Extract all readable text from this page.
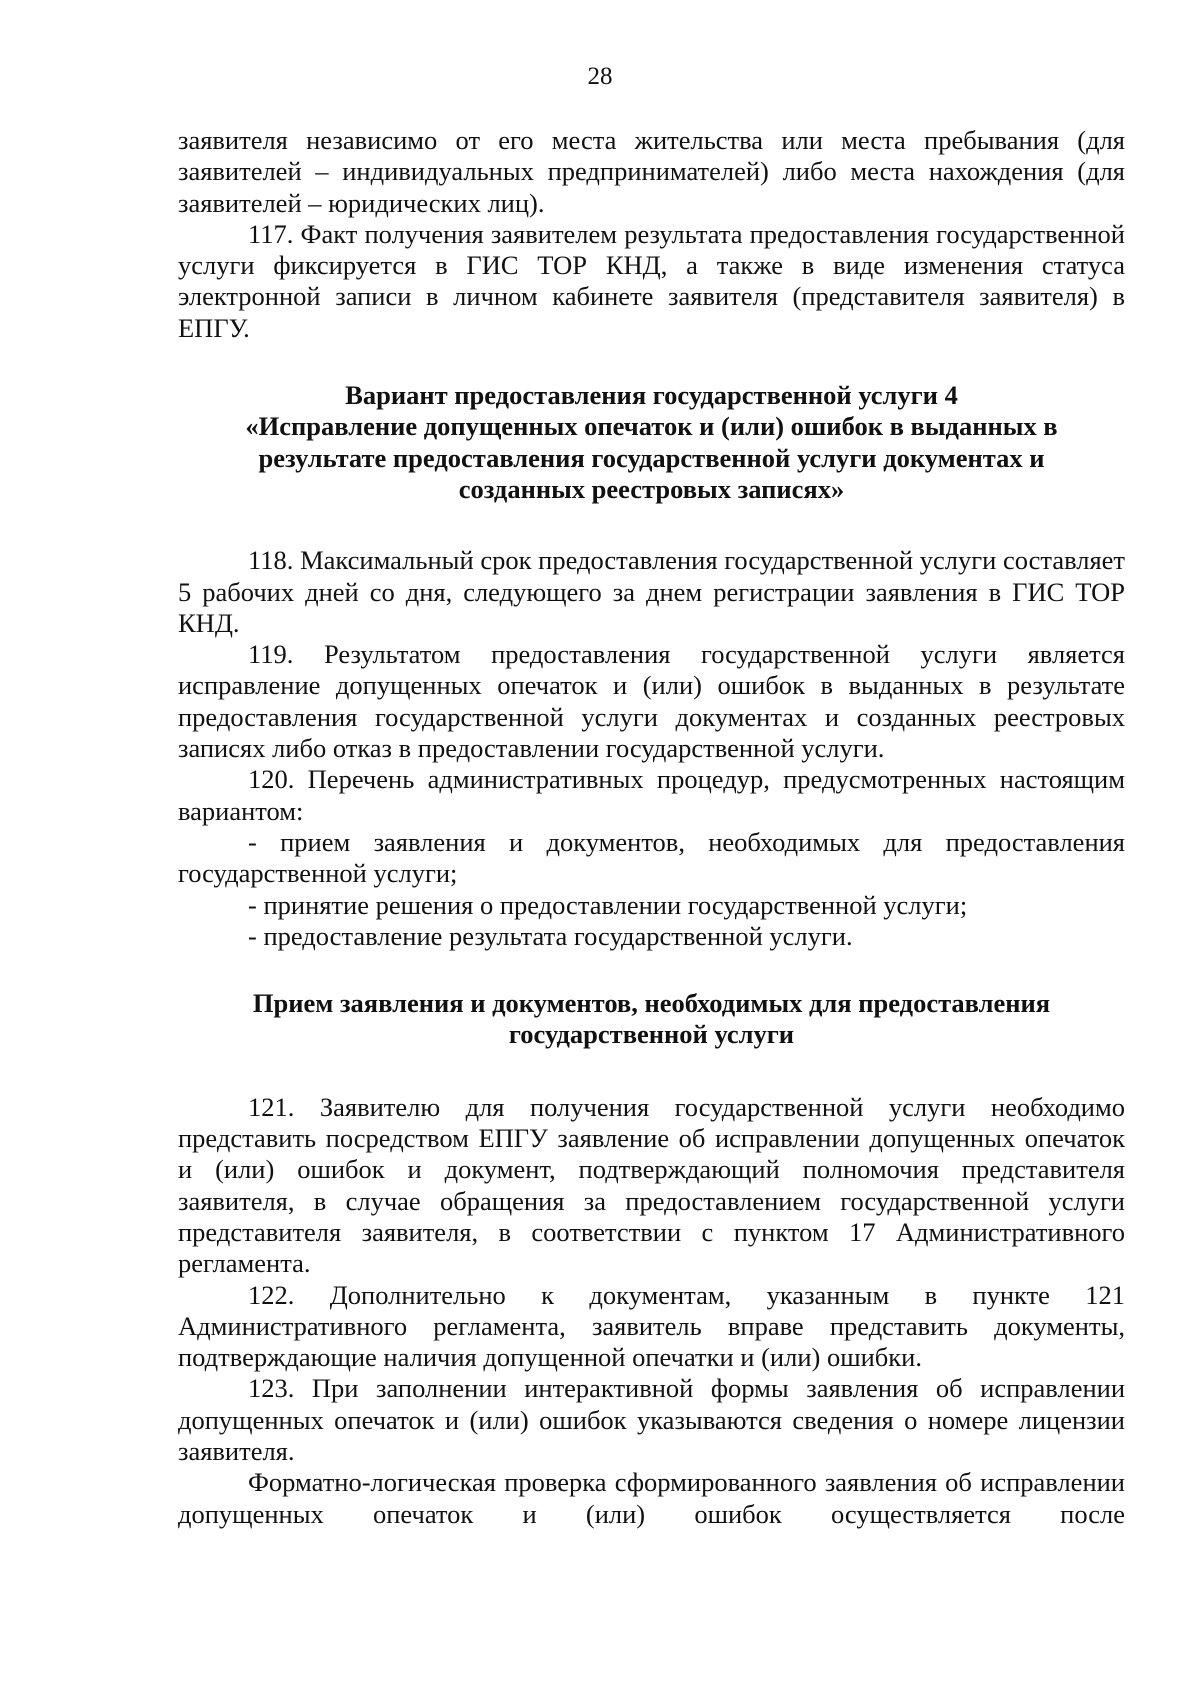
28

заявителя независимо от его места жительства или места пребывания (для заявителей – индивидуальных предпринимателей) либо места нахождения (для заявителей – юридических лиц).

117. Факт получения заявителем результата предоставления государственной услуги фиксируется в ГИС ТОР КНД, а также в виде изменения статуса электронной записи в личном кабинете заявителя (представителя заявителя) в ЕПГУ.

Вариант предоставления государственной услуги 4
«Исправление допущенных опечаток и (или) ошибок в выданных в
результате предоставления государственной услуги документах и
созданных реестровых записях»

118. Максимальный срок предоставления государственной услуги составляет 5 рабочих дней со дня, следующего за днем регистрации заявления в ГИС ТОР КНД.

119. Результатом предоставления государственной услуги является исправление допущенных опечаток и (или) ошибок в выданных в результате предоставления государственной услуги документах и созданных реестровых записях либо отказ в предоставлении государственной услуги.

120. Перечень административных процедур, предусмотренных настоящим вариантом:

- прием заявления и документов, необходимых для предоставления государственной услуги;

- принятие решения о предоставлении государственной услуги;

- предоставление результата государственной услуги.

Прием заявления и документов, необходимых для предоставления
государственной услуги

121. Заявителю для получения государственной услуги необходимо представить посредством ЕПГУ заявление об исправлении допущенных опечаток и (или) ошибок и документ, подтверждающий полномочия представителя заявителя, в случае обращения за предоставлением государственной услуги представителя заявителя, в соответствии с пунктом 17 Административного регламента.

122. Дополнительно к документам, указанным в пункте 121 Административного регламента, заявитель вправе представить документы, подтверждающие наличия допущенной опечатки и (или) ошибки.

123. При заполнении интерактивной формы заявления об исправлении допущенных опечаток и (или) ошибок указываются сведения о номере лицензии заявителя.

Форматно-логическая проверка сформированного заявления об исправлении допущенных опечаток и (или) ошибок осуществляется после
